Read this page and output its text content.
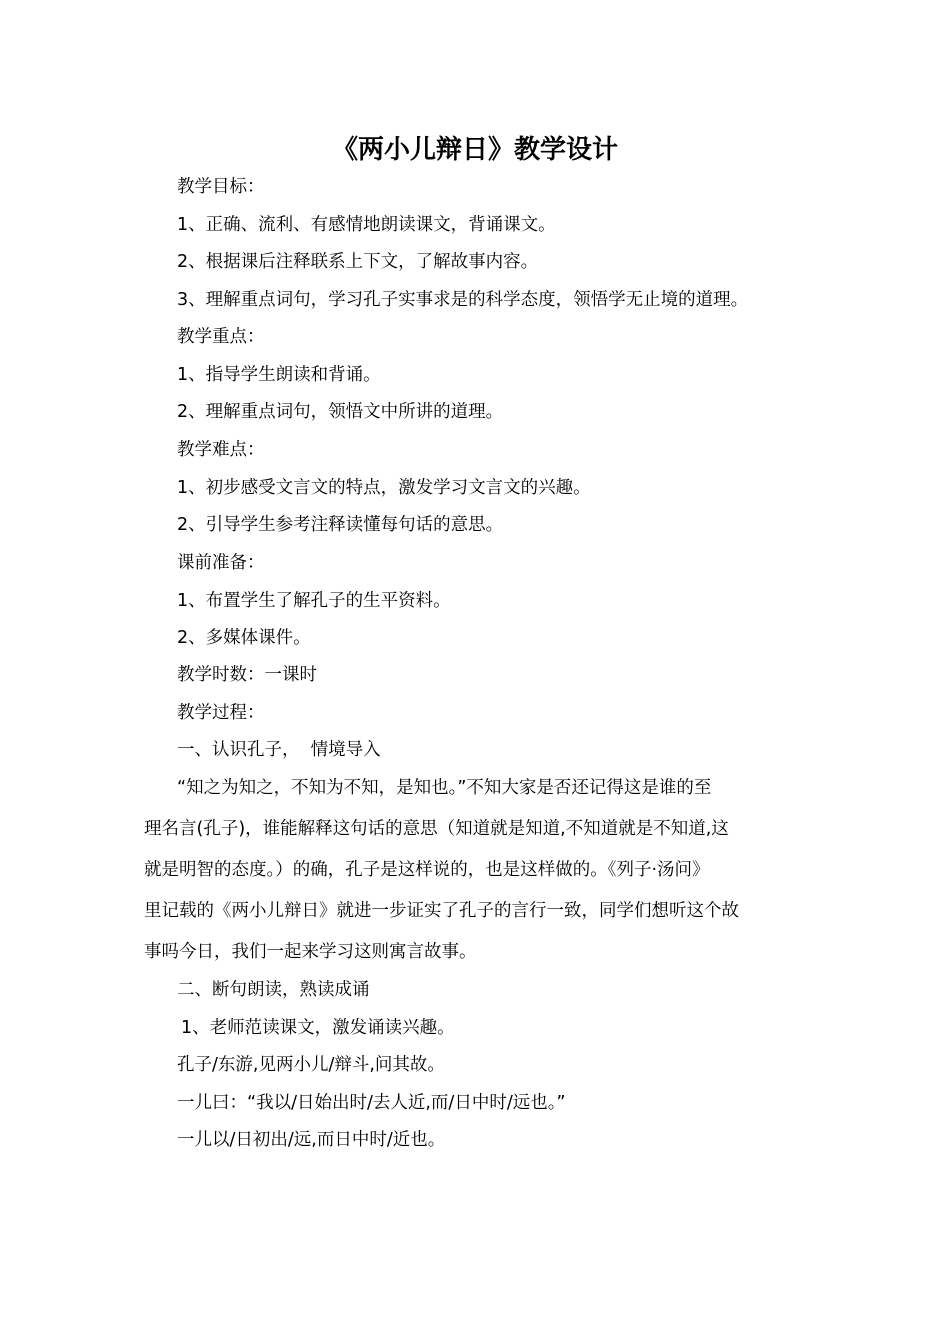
《两小儿辩日》教学设计
教学目标：
1、正确、流利、有感情地朗读课文，背诵课文。
2、根据课后注释联系上下文，了解故事内容。
3、理解重点词句，学习孔子实事求是的科学态度，领悟学无止境的道理。
教学重点：
1、指导学生朗读和背诵。
2、理解重点词句，领悟文中所讲的道理。
教学难点：
1、初步感受文言文的特点，激发学习文言文的兴趣。
2、引导学生参考注释读懂每句话的意思。
课前准备：
1、布置学生了解孔子的生平资料。
2、多媒体课件。
教学时数：一课时
教学过程：
一、认识孔子，  情境导入
“知之为知之，不知为不知，是知也。”不知大家是否还记得这是谁的至
理名言(孔子)，谁能解释这句话的意思（知道就是知道,不知道就是不知道,这
就是明智的态度。）的确，孔子是这样说的，也是这样做的。《列子·汤问》
里记载的《两小儿辩日》就进一步证实了孔子的言行一致，同学们想听这个故
事吗今日，我们一起来学习这则寓言故事。
二、断句朗读，熟读成诵
1、老师范读课文，激发诵读兴趣。
孔子/东游,见两小儿/辩斗,问其故。
一儿曰：“我以/日始出时/去人近,而/日中时/远也。”
一儿以/日初出/远,而日中时/近也。
